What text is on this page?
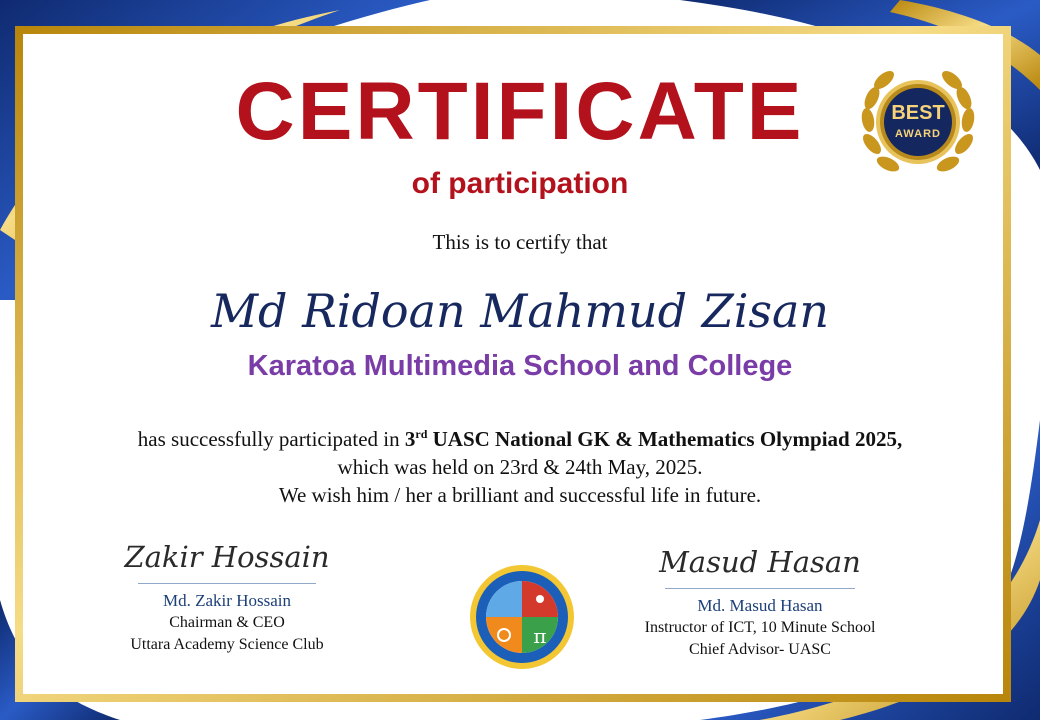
CERTIFICATE
of participation
This is to certify that
Md Ridoan Mahmud Zisan
Karatoa Multimedia School and College

has successfully participated in 3rd UASC National GK & Mathematics Olympiad 2025,

which was held on 23rd & 24th May, 2025.

We wish him / her a brilliant and successful life in future.

BEST
AWARD
Zakir Hossain
Md. Zakir Hossain
Chairman & CEO
Uttara Academy Science Club	π
Masud Hasan
Md. Masud Hasan
Instructor of ICT, 10 Minute School
Chief Advisor- UASC
